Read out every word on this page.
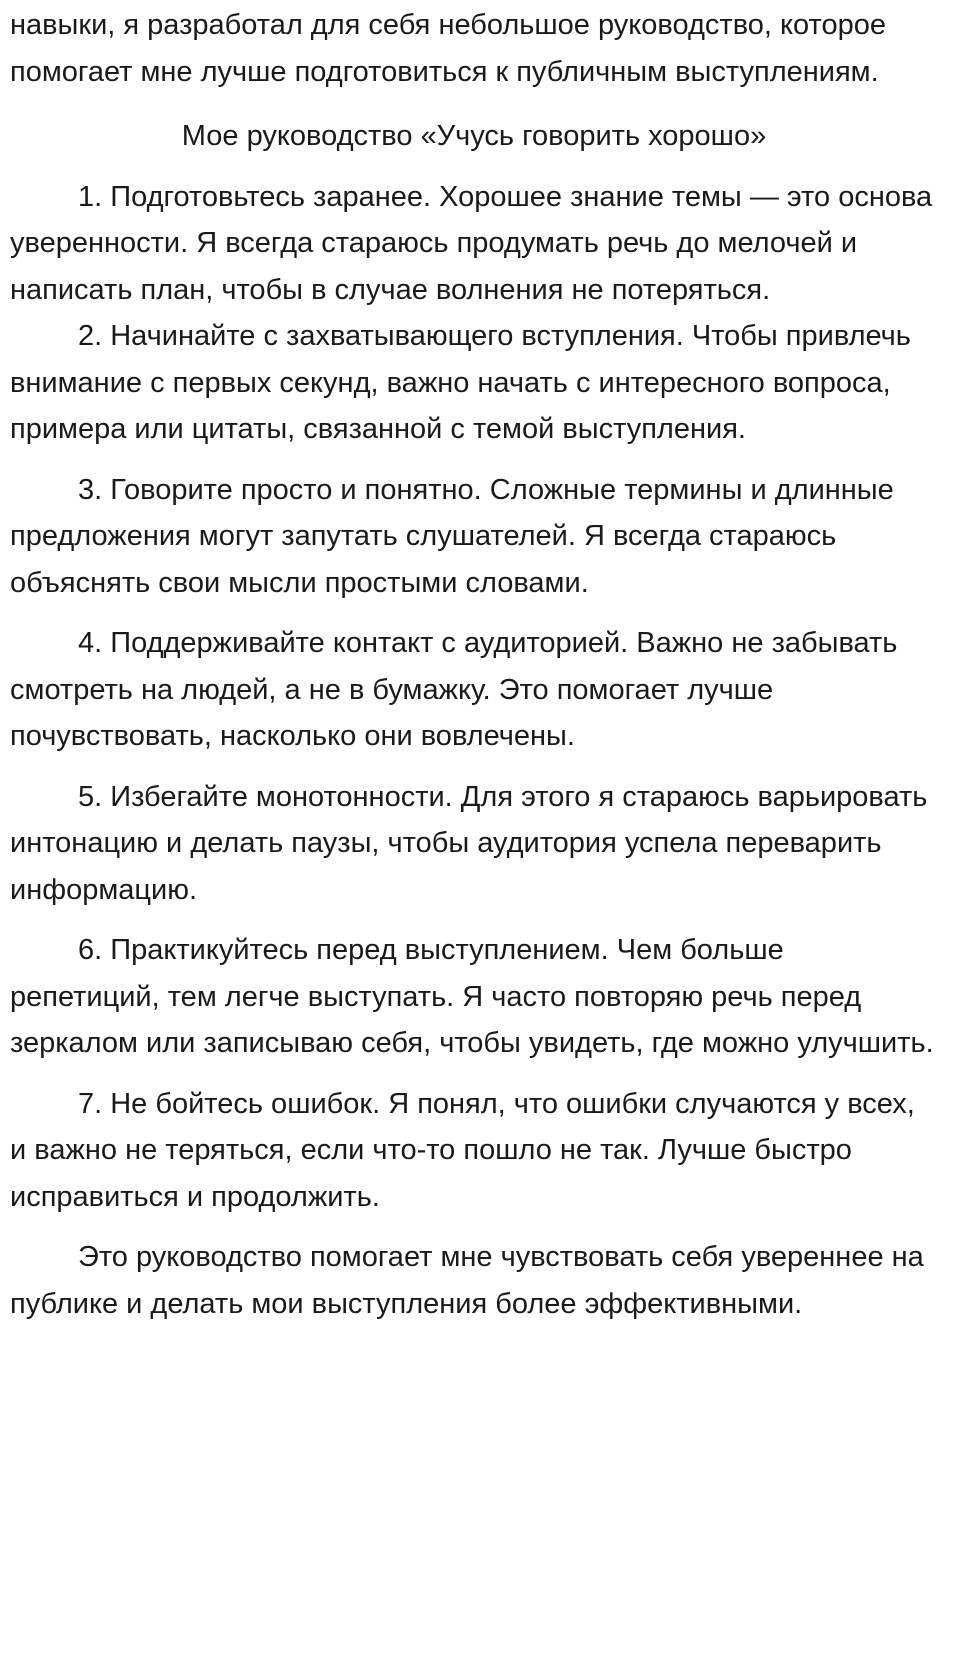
навыки, я разработал для себя небольшое руководство, которое помогает мне лучше подготовиться к публичным выступлениям.

Мое руководство «Учусь говорить хорошо»

1. Подготовьтесь заранее. Хорошее знание темы — это основа уверенности. Я всегда стараюсь продумать речь до мелочей и написать план, чтобы в случае волнения не потеряться.

2. Начинайте с захватывающего вступления. Чтобы привлечь внимание с первых секунд, важно начать с интересного вопроса, примера или цитаты, связанной с темой выступления.

3. Говорите просто и понятно. Сложные термины и длинные предложения могут запутать слушателей. Я всегда стараюсь объяснять свои мысли простыми словами.

4. Поддерживайте контакт с аудиторией. Важно не забывать смотреть на людей, а не в бумажку. Это помогает лучше почувствовать, насколько они вовлечены.

5. Избегайте монотонности. Для этого я стараюсь варьировать интонацию и делать паузы, чтобы аудитория успела переварить информацию.

6. Практикуйтесь перед выступлением. Чем больше репетиций, тем легче выступать. Я часто повторяю речь перед зеркалом или записываю себя, чтобы увидеть, где можно улучшить.

7. Не бойтесь ошибок. Я понял, что ошибки случаются у всех, и важно не теряться, если что-то пошло не так. Лучше быстро исправиться и продолжить.

Это руководство помогает мне чувствовать себя увереннее на публике и делать мои выступления более эффективными.
